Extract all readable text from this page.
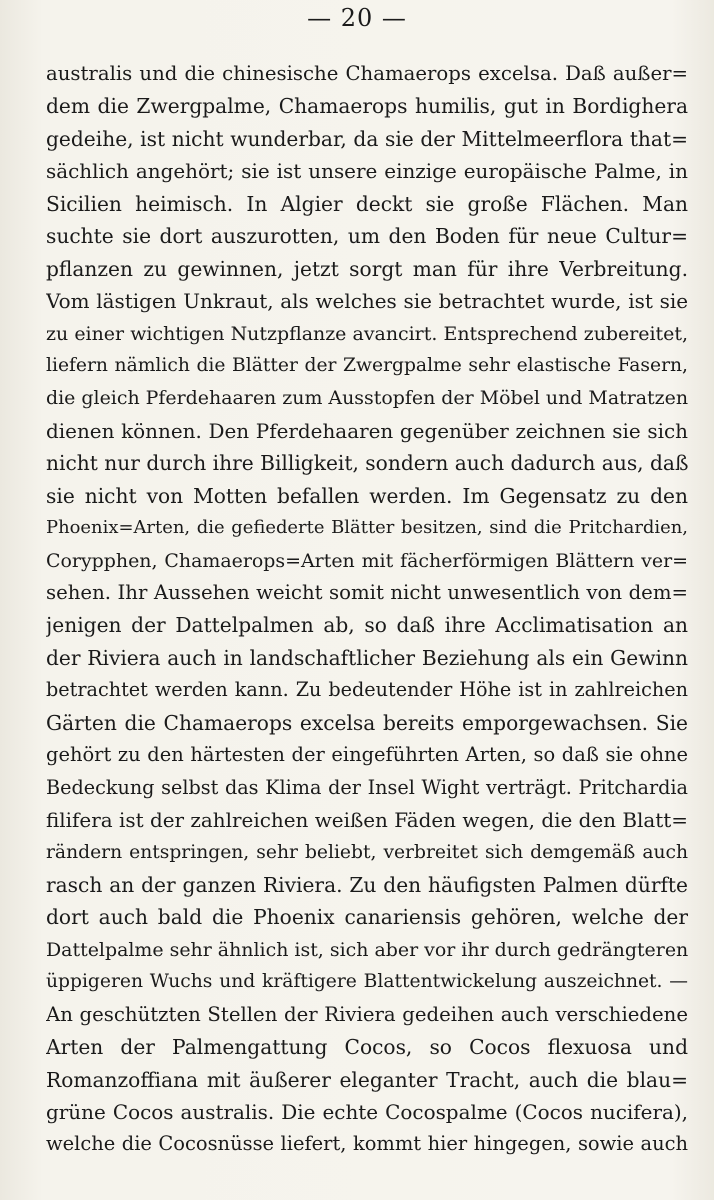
— 20 —
australis und die chinesische Chamaerops excelsa. Daß außer=
dem die Zwergpalme, Chamaerops humilis, gut in Bordighera
gedeihe, ist nicht wunderbar, da sie der Mittelmeerflora that=
sächlich angehört; sie ist unsere einzige europäische Palme, in
Sicilien heimisch. In Algier deckt sie große Flächen. Man
suchte sie dort auszurotten, um den Boden für neue Cultur=
pflanzen zu gewinnen, jetzt sorgt man für ihre Verbreitung.
Vom lästigen Unkraut, als welches sie betrachtet wurde, ist sie
zu einer wichtigen Nutzpflanze avancirt. Entsprechend zubereitet,
liefern nämlich die Blätter der Zwergpalme sehr elastische Fasern,
die gleich Pferdehaaren zum Ausstopfen der Möbel und Matratzen
dienen können. Den Pferdehaaren gegenüber zeichnen sie sich
nicht nur durch ihre Billigkeit, sondern auch dadurch aus, daß
sie nicht von Motten befallen werden. Im Gegensatz zu den
Phoenix=Arten, die gefiederte Blätter besitzen, sind die Pritchardien,
Corypphen, Chamaerops=Arten mit fächerförmigen Blättern ver=
sehen. Ihr Aussehen weicht somit nicht unwesentlich von dem=
jenigen der Dattelpalmen ab, so daß ihre Acclimatisation an
der Riviera auch in landschaftlicher Beziehung als ein Gewinn
betrachtet werden kann. Zu bedeutender Höhe ist in zahlreichen
Gärten die Chamaerops excelsa bereits emporgewachsen. Sie
gehört zu den härtesten der eingeführten Arten, so daß sie ohne
Bedeckung selbst das Klima der Insel Wight verträgt. Pritchardia
filifera ist der zahlreichen weißen Fäden wegen, die den Blatt=
rändern entspringen, sehr beliebt, verbreitet sich demgemäß auch
rasch an der ganzen Riviera. Zu den häufigsten Palmen dürfte
dort auch bald die Phoenix canariensis gehören, welche der
Dattelpalme sehr ähnlich ist, sich aber vor ihr durch gedrängteren
üppigeren Wuchs und kräftigere Blattentwickelung auszeichnet. —
An geschützten Stellen der Riviera gedeihen auch verschiedene
Arten der Palmengattung Cocos, so Cocos flexuosa und
Romanzoffiana mit äußerer eleganter Tracht, auch die blau=
grüne Cocos australis. Die echte Cocospalme (Cocos nucifera),
welche die Cocosnüsse liefert, kommt hier hingegen, sowie auch
